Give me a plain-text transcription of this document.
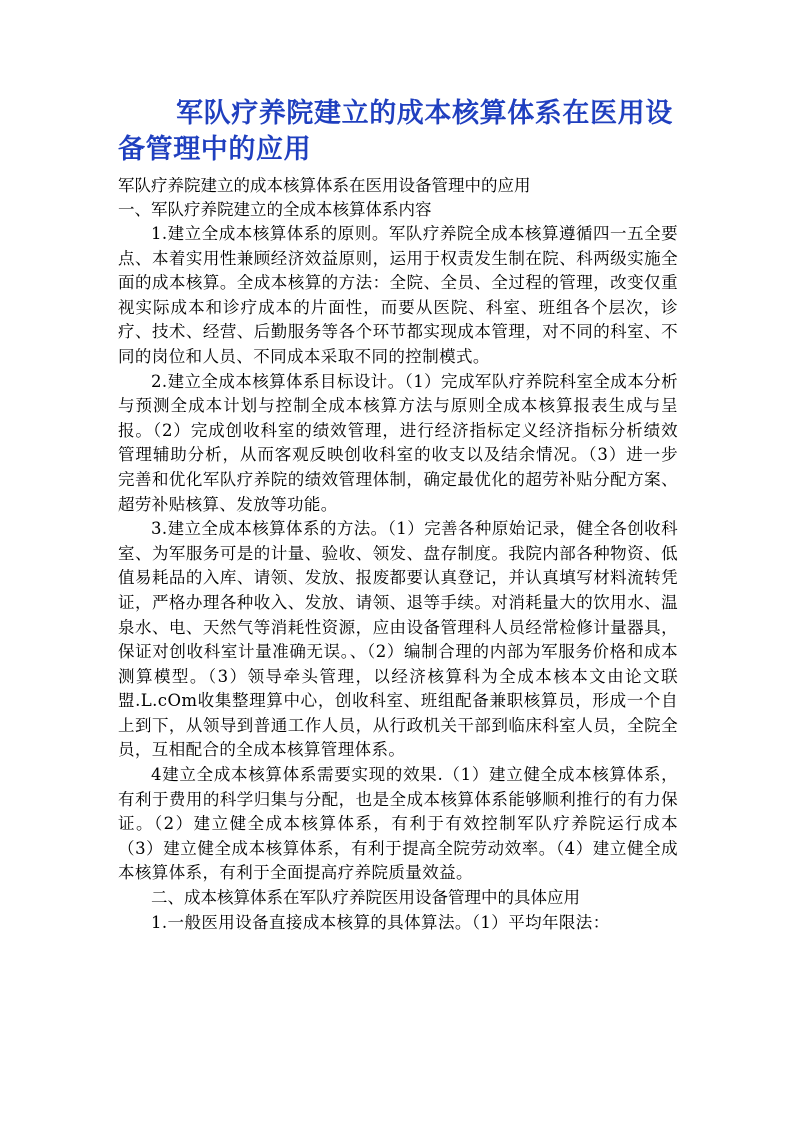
军队疗养院建立的成本核算体系在医用设备管理中的应用

军队疗养院建立的成本核算体系在医用设备管理中的应用

一、军队疗养院建立的全成本核算体系内容

1.建立全成本核算体系的原则。军队疗养院全成本核算遵循四一五全要点、本着实用性兼顾经济效益原则，运用于权责发生制在院、科两级实施全面的成本核算。全成本核算的方法：全院、全员、全过程的管理，改变仅重视实际成本和诊疗成本的片面性，而要从医院、科室、班组各个层次，诊疗、技术、经营、后勤服务等各个环节都实现成本管理，对不同的科室、不同的岗位和人员、不同成本采取不同的控制模式。

2.建立全成本核算体系目标设计。（1）完成军队疗养院科室全成本分析与预测全成本计划与控制全成本核算方法与原则全成本核算报表生成与呈报。（2）完成创收科室的绩效管理，进行经济指标定义经济指标分析绩效管理辅助分析，从而客观反映创收科室的收支以及结余情况。（3）进一步完善和优化军队疗养院的绩效管理体制，确定最优化的超劳补贴分配方案、超劳补贴核算、发放等功能。

3.建立全成本核算体系的方法。（1）完善各种原始记录，健全各创收科室、为军服务可是的计量、验收、领发、盘存制度。我院内部各种物资、低值易耗品的入库、请领、发放、报废都要认真登记，并认真填写材料流转凭证，严格办理各种收入、发放、请领、退等手续。对消耗量大的饮用水、温泉水、电、天然气等消耗性资源，应由设备管理科人员经常检修计量器具，保证对创收科室计量准确无误。、（2）编制合理的内部为军服务价格和成本测算模型。（3）领导牵头管理，以经济核算科为全成本核本文由论文联盟.L.cOm收集整理算中心，创收科室、班组配备兼职核算员，形成一个自上到下，从领导到普通工作人员，从行政机关干部到临床科室人员，全院全员，互相配合的全成本核算管理体系。

4建立全成本核算体系需要实现的效果.（1）建立健全成本核算体系，有利于费用的科学归集与分配，也是全成本核算体系能够顺利推行的有力保证。（2）建立健全成本核算体系，有利于有效控制军队疗养院运行成本（3）建立健全成本核算体系，有利于提高全院劳动效率。（4）建立健全成本核算体系，有利于全面提高疗养院质量效益。

二、成本核算体系在军队疗养院医用设备管理中的具体应用

1.一般医用设备直接成本核算的具体算法。（1）平均年限法：
